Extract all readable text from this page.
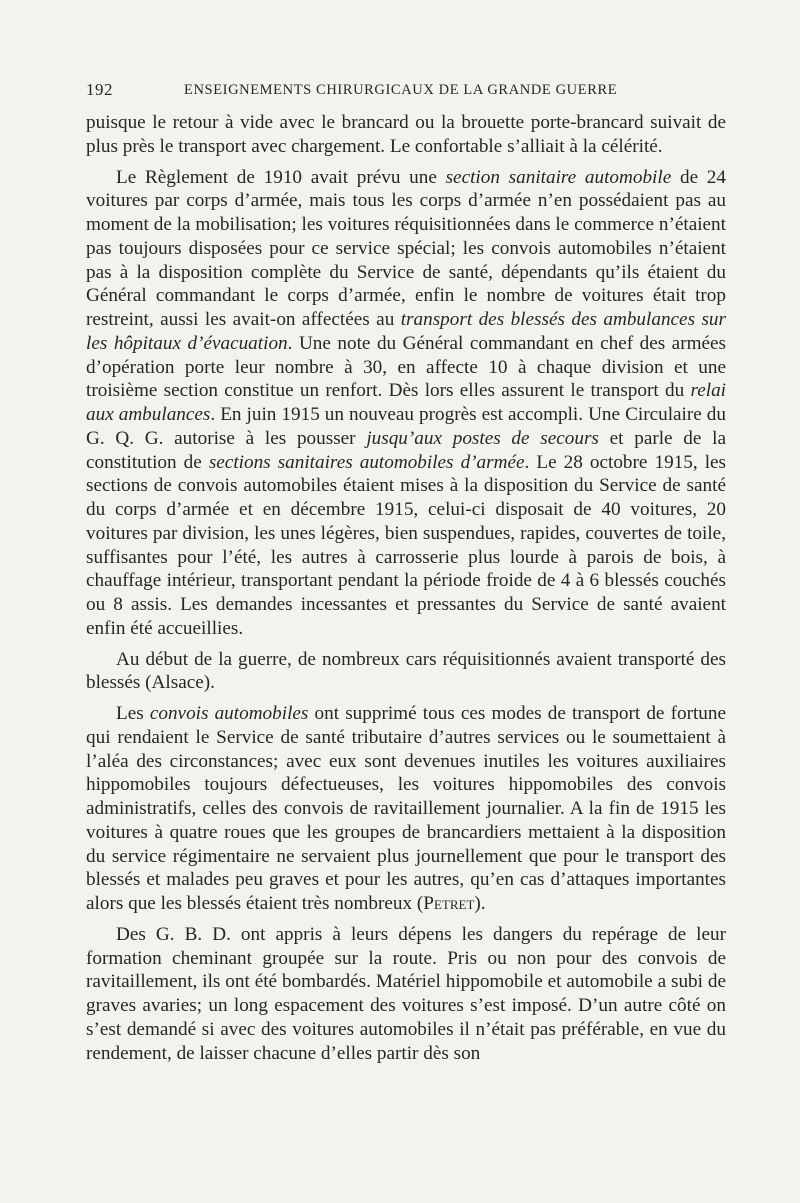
192	ENSEIGNEMENTS CHIRURGICAUX DE LA GRANDE GUERRE

puisque le retour à vide avec le brancard ou la brouette porte-brancard suivait de plus près le transport avec chargement. Le confortable s’alliait à la célérité.

Le Règlement de 1910 avait prévu une section sanitaire automobile de 24 voitures par corps d’armée, mais tous les corps d’armée n’en possédaient pas au moment de la mobilisation; les voitures réquisitionnées dans le commerce n’étaient pas toujours disposées pour ce service spécial; les convois automobiles n’étaient pas à la disposition complète du Service de santé, dépendants qu’ils étaient du Général commandant le corps d’armée, enfin le nombre de voitures était trop restreint, aussi les avait-on affectées au transport des blessés des ambulances sur les hôpitaux d’évacuation. Une note du Général commandant en chef des armées d’opération porte leur nombre à 30, en affecte 10 à chaque division et une troisième section constitue un renfort. Dès lors elles assurent le transport du relai aux ambulances. En juin 1915 un nouveau progrès est accompli. Une Circulaire du G. Q. G. autorise à les pousser jusqu’aux postes de secours et parle de la constitution de sections sanitaires automobiles d’armée. Le 28 octobre 1915, les sections de convois automobiles étaient mises à la disposition du Service de santé du corps d’armée et en décembre 1915, celui-ci disposait de 40 voitures, 20 voitures par division, les unes légères, bien suspendues, rapides, couvertes de toile, suffisantes pour l’été, les autres à carrosserie plus lourde à parois de bois, à chauffage intérieur, transportant pendant la période froide de 4 à 6 blessés couchés ou 8 assis. Les demandes incessantes et pressantes du Service de santé avaient enfin été accueillies.

Au début de la guerre, de nombreux cars réquisitionnés avaient transporté des blessés (Alsace).

Les convois automobiles ont supprimé tous ces modes de transport de fortune qui rendaient le Service de santé tributaire d’autres services ou le soumettaient à l’aléa des circonstances; avec eux sont devenues inutiles les voitures auxiliaires hippomobiles toujours défectueuses, les voitures hippomobiles des convois administratifs, celles des convois de ravitaillement journalier. A la fin de 1915 les voitures à quatre roues que les groupes de brancardiers mettaient à la disposition du service régimentaire ne servaient plus journellement que pour le transport des blessés et malades peu graves et pour les autres, qu’en cas d’attaques importantes alors que les blessés étaient très nombreux (Petret).

Des G. B. D. ont appris à leurs dépens les dangers du repérage de leur formation cheminant groupée sur la route. Pris ou non pour des convois de ravitaillement, ils ont été bombardés. Matériel hippomobile et automobile a subi de graves avaries; un long espacement des voitures s’est imposé. D’un autre côté on s’est demandé si avec des voitures automobiles il n’était pas préférable, en vue du rendement, de laisser chacune d’elles partir dès son
